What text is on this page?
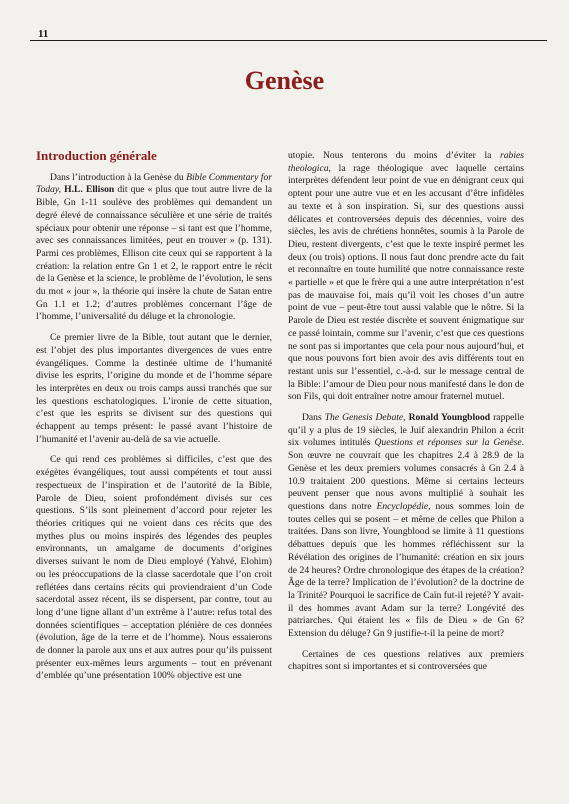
11
Genèse
Introduction générale

Dans l’introduction à la Genèse du Bible Commentary for Today, H.L. Ellison dit que « plus que tout autre livre de la Bible, Gn 1-11 soulève des problèmes qui demandent un degré élevé de connaissance séculière et une série de traités spéciaux pour obtenir une réponse – si tant est que l’homme, avec ses connaissances limitées, peut en trouver » (p. 131). Parmi ces problèmes, Ellison cite ceux qui se rapportent à la création: la relation entre Gn 1 et 2, le rapport entre le récit de la Genèse et la science, le problème de l’évolution, le sens du mot « jour », la théorie qui insère la chute de Satan entre Gn 1.1 et 1.2; d’autres problèmes concernant l’âge de l’homme, l’universalité du déluge et la chronologie.

Ce premier livre de la Bible, tout autant que le dernier, est l’objet des plus importantes divergences de vues entre évangéliques. Comme la destinée ultime de l’humanité divise les esprits, l’origine du monde et de l’homme sépare les interprètes en deux ou trois camps aussi tranchés que sur les questions eschatologiques. L’ironie de cette situation, c’est que les esprits se divisent sur des questions qui échappent au temps présent: le passé avant l’histoire de l’humanité et l’avenir au-delà de sa vie actuelle.

Ce qui rend ces problèmes si difficiles, c’est que des exégètes évangéliques, tout aussi compétents et tout aussi respectueux de l’inspiration et de l’autorité de la Bible, Parole de Dieu, soient profondément divisés sur ces questions. S’ils sont pleinement d’accord pour rejeter les théories critiques qui ne voient dans ces récits que des mythes plus ou moins inspirés des légendes des peuples environnants, un amalgame de documents d’origines diverses suivant le nom de Dieu employé (Yahvé, Elohim) ou les préoccupations de la classe sacerdotale que l’on croit reflétées dans certains récits qui proviendraient d’un Code sacerdotal assez récent, ils se dispersent, par contre, tout au long d’une ligne allant d’un extrême à l’autre: refus total des données scientifiques – acceptation plénière de ces données (évolution, âge de la terre et de l’homme). Nous essaierons de donner la parole aux uns et aux autres pour qu’ils puissent présenter eux-mêmes leurs arguments – tout en prévenant d’emblée qu’une présentation 100% objective est une

utopie. Nous tenterons du moins d’éviter la rabies theologica, la rage théologique avec laquelle certains interprètes défendent leur point de vue en dénigrant ceux qui optent pour une autre vue et en les accusant d’être infidèles au texte et à son inspiration. Si, sur des questions aussi délicates et controversées depuis des décennies, voire des siècles, les avis de chrétiens honnêtes, soumis à la Parole de Dieu, restent divergents, c’est que le texte inspiré permet les deux (ou trois) options. Il nous faut donc prendre acte du fait et reconnaître en toute humilité que notre connaissance reste « partielle » et que le frère qui a une autre interprétation n’est pas de mauvaise foi, mais qu’il voit les choses d’un autre point de vue – peut-être tout aussi valable que le nôtre. Si la Parole de Dieu est restée discrète et souvent énigmatique sur ce passé lointain, comme sur l’avenir, c’est que ces questions ne sont pas si importantes que cela pour nous aujourd’hui, et que nous pouvons fort bien avoir des avis différents tout en restant unis sur l’essentiel, c.-à-d. sur le message central de la Bible: l’amour de Dieu pour nous manifesté dans le don de son Fils, qui doit entraîner notre amour fraternel mutuel.

Dans The Genesis Debate, Ronald Youngblood rappelle qu’il y a plus de 19 siècles, le Juif alexandrin Philon a écrit six volumes intitulés Questions et réponses sur la Genèse. Son œuvre ne couvrait que les chapitres 2.4 à 28.9 de la Genèse et les deux premiers volumes consacrés à Gn 2.4 à 10.9 traitaient 200 questions. Même si certains lecteurs peuvent penser que nous avons multiplié à souhait les questions dans notre Encyclopédie, nous sommes loin de toutes celles qui se posent – et même de celles que Philon a traitées. Dans son livre, Youngblood se limite à 11 questions débattues depuis que les hommes réfléchissent sur la Révélation des origines de l’humanité: création en six jours de 24 heures? Ordre chronologique des étapes de la création? Âge de la terre? Implication de l’évolution? de la doctrine de la Trinité? Pourquoi le sacrifice de Caïn fut-il rejeté? Y avait-il des hommes avant Adam sur la terre? Longévité des patriarches. Qui étaient les « fils de Dieu » de Gn 6? Extension du déluge? Gn 9 justifie-t-il la peine de mort?

Certaines de ces questions relatives aux premiers chapitres sont si importantes et si controversées que
